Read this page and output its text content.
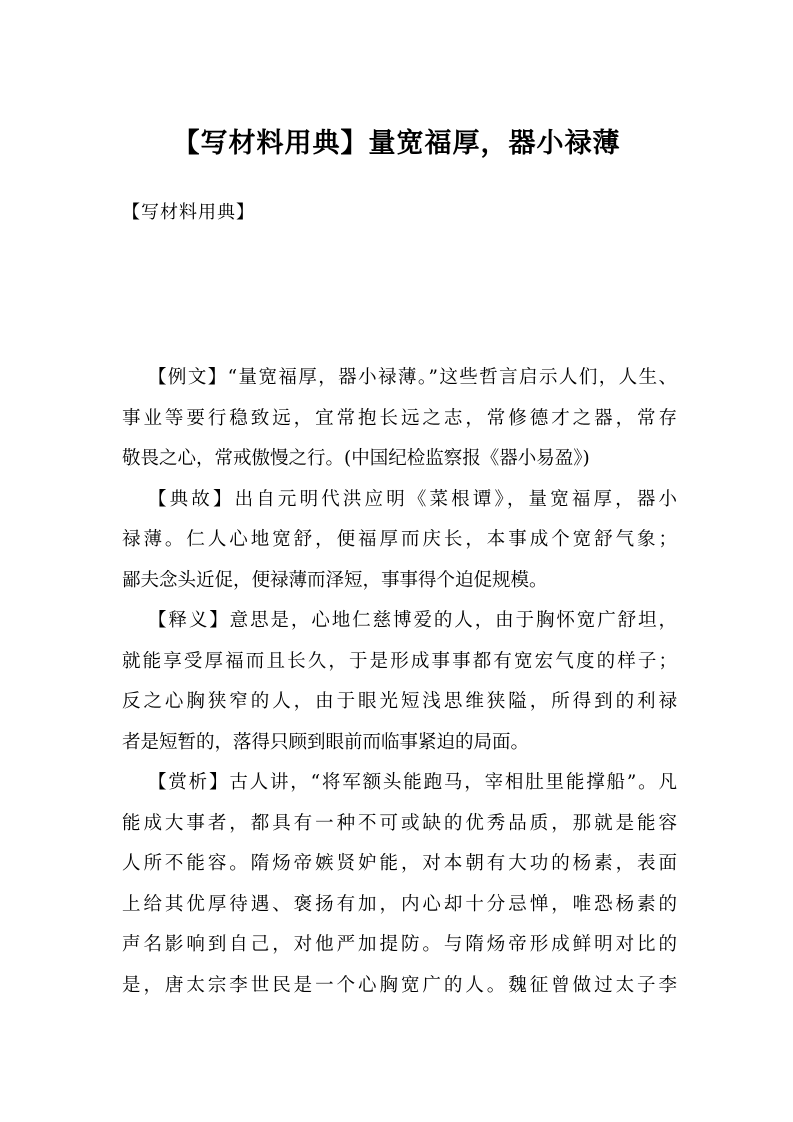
【写材料用典】量宽福厚，器小禄薄

【写材料用典】

【例文】“量宽福厚，器小禄薄。”这些哲言启示人们，人生、
事业等要行稳致远，宜常抱长远之志，常修德才之器，常存
敬畏之心，常戒傲慢之行。(中国纪检监察报《器小易盈》)
【典故】出自元明代洪应明《菜根谭》，量宽福厚，器小
禄薄。仁人心地宽舒，便福厚而庆长，本事成个宽舒气象；
鄙夫念头近促，便禄薄而泽短，事事得个迫促规模。
【释义】意思是，心地仁慈博爱的人，由于胸怀宽广舒坦，
就能享受厚福而且长久，于是形成事事都有宽宏气度的样子；
反之心胸狭窄的人，由于眼光短浅思维狭隘，所得到的利禄
者是短暂的，落得只顾到眼前而临事紧迫的局面。
【赏析】古人讲，“将军额头能跑马，宰相肚里能撑船”。凡
能成大事者，都具有一种不可或缺的优秀品质，那就是能容
人所不能容。隋炀帝嫉贤妒能，对本朝有大功的杨素，表面
上给其优厚待遇、褒扬有加，内心却十分忌惮，唯恐杨素的
声名影响到自己，对他严加提防。与隋炀帝形成鲜明对比的
是，唐太宗李世民是一个心胸宽广的人。魏征曾做过太子李
